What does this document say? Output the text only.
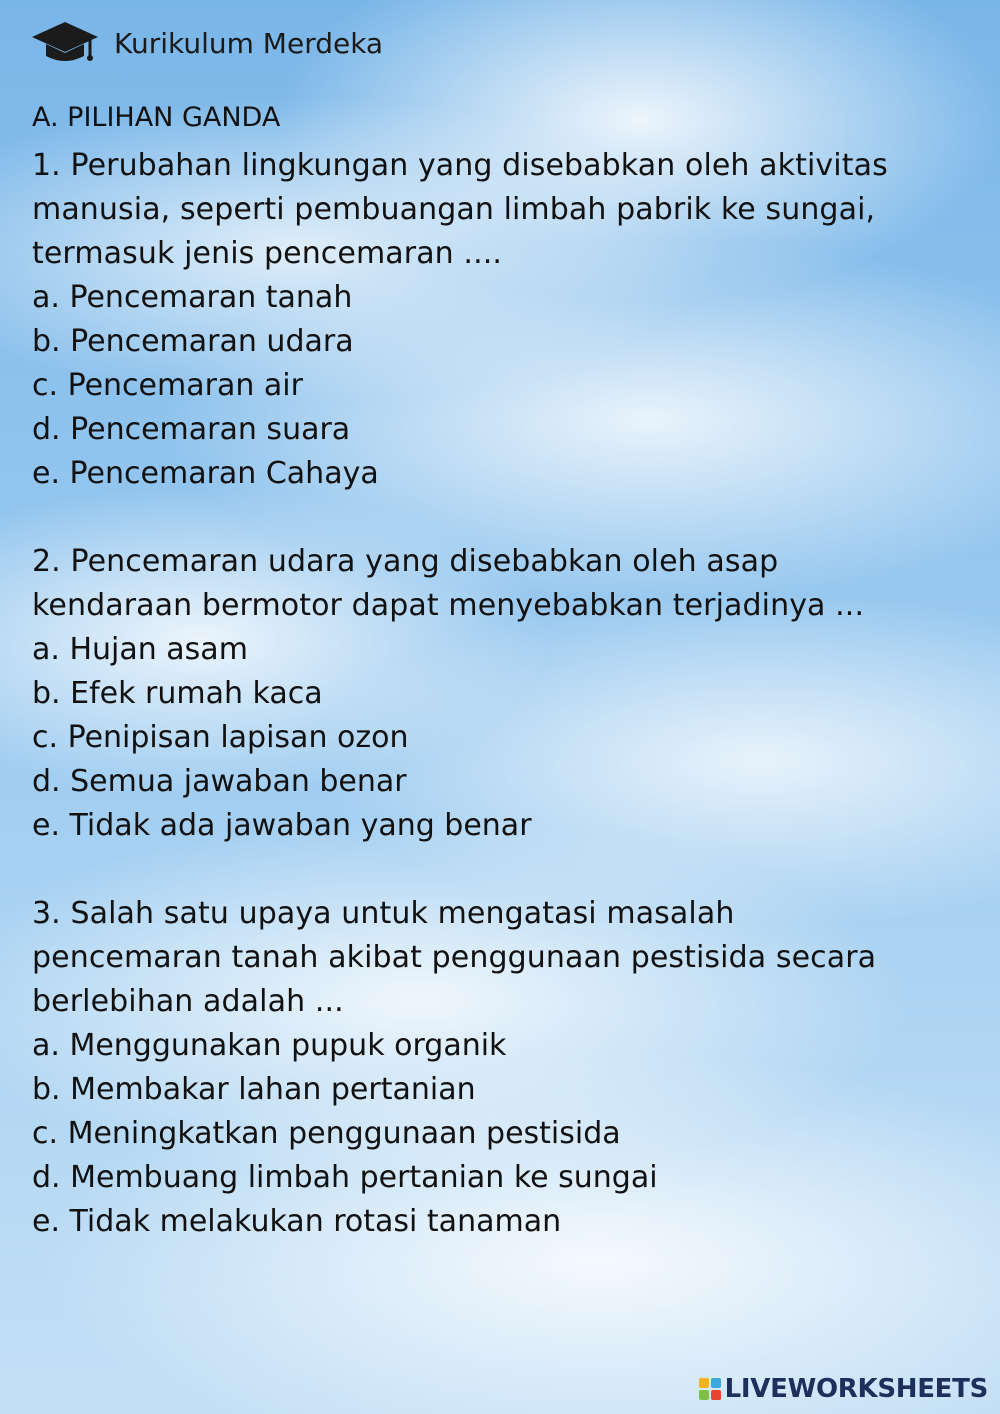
Kurikulum Merdeka
A. PILIHAN GANDA
1. Perubahan lingkungan yang disebabkan oleh aktivitas
manusia, seperti pembuangan limbah pabrik ke sungai,
termasuk jenis pencemaran ....
a. Pencemaran tanah
b. Pencemaran udara
c. Pencemaran air
d. Pencemaran suara
e. Pencemaran Cahaya
2. Pencemaran udara yang disebabkan oleh asap
kendaraan bermotor dapat menyebabkan terjadinya ...
a. Hujan asam
b. Efek rumah kaca
c. Penipisan lapisan ozon
d. Semua jawaban benar
e. Tidak ada jawaban yang benar
3. Salah satu upaya untuk mengatasi masalah
pencemaran tanah akibat penggunaan pestisida secara
berlebihan adalah ...
a. Menggunakan pupuk organik
b. Membakar lahan pertanian
c. Meningkatkan penggunaan pestisida
d. Membuang limbah pertanian ke sungai
e. Tidak melakukan rotasi tanaman
LIVEWORKSHEETS
